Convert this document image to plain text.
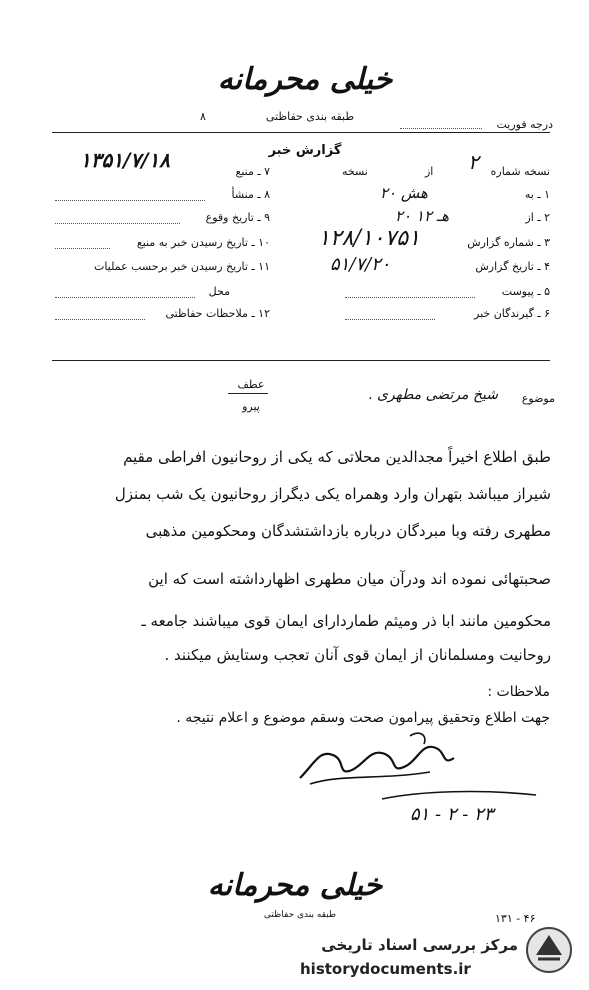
خیلی محرمانه
طبقه بندی حفاظتی
۸
درجه فوریت
گزارش خبر
نسخه شماره
۲
از
نسخه
۷ ـ منبع
۱۳۵۱/۷/۱۸
۸ ـ منشأ
۹ ـ تاریخ وقوع
۱۰ ـ تاریخ رسیدن خبر به منبع
۱۱ ـ تاریخ رسیدن خبر برحسب عملیات
محل
۱۲ ـ ملاحظات حفاظتی
۱ ـ به
۲۰ هش
۲ ـ از
۲۰ هـ ۱۲
۳ ـ شماره گزارش
۱۲۸/۱۰۷۵۱
۴ ـ تاریخ گزارش
۵۱/۷/۲۰
۵ ـ پیوست
۶ ـ گیرندگان خبر
عطف
پیرو
موضوع
شیخ مرتضی مطهری .
طبق اطلاع اخیراً مجدالدین محلاتی که یکی از روحانیون افراطی مقیم
شیراز میباشد بتهران وارد وهمراه یکی دیگراز روحانیون یک شب بمنزل
مطهری رفته وبا مبردگان درباره بازداشتشدگان ومحکومین مذهبی
صحبتهائی نموده اند ودرآن میان مطهری اظهارداشته است که این
محکومین مانند ابا ذر ومیثم طماردارای ایمان قوی میباشند جامعه ـ
روحانیت ومسلمانان از ایمان قوی آنان تعجب وستایش میکنند .
ملاحظات :
جهت اطلاع وتحقیق پیرامون صحت وسقم موضوع و اعلام نتیجه .
۵۱ - ۲ - ۲۳
خیلی محرمانه
طبقه بندی حفاظتی	۱۳۱ - ۴۶
مرکز بررسی اسناد تاریخی
historydocuments.ir
